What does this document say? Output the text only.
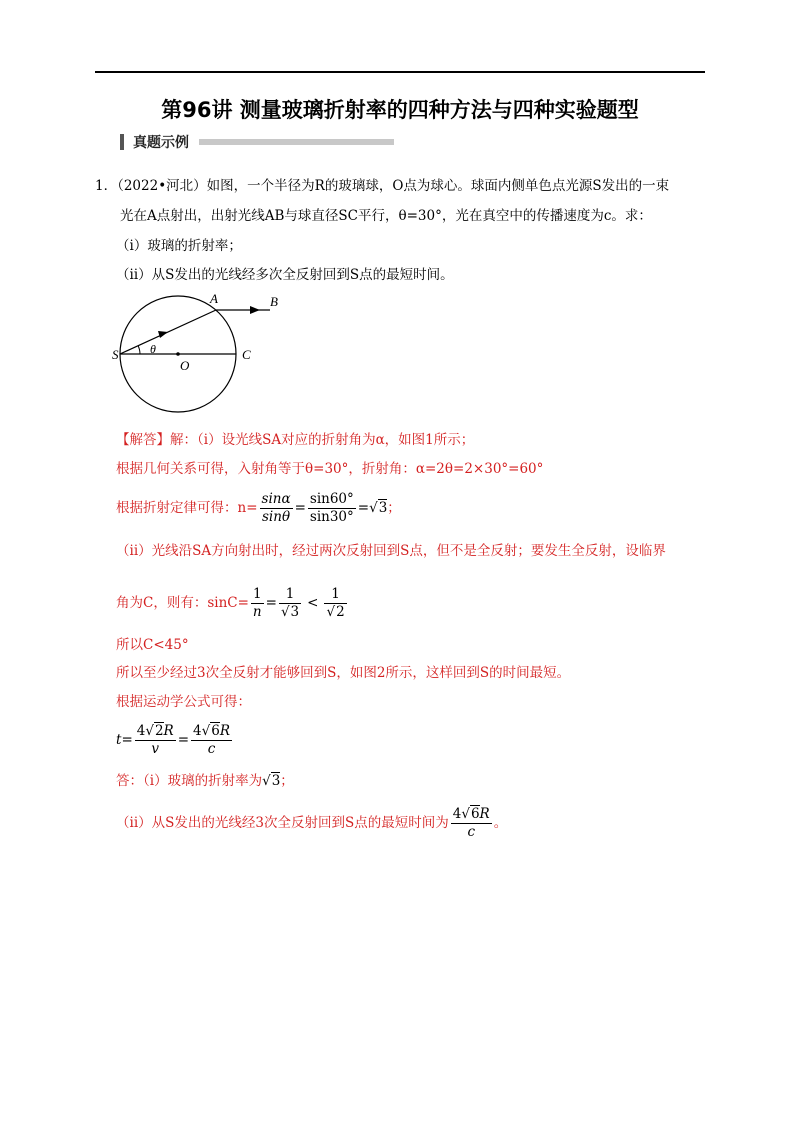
第96讲 测量玻璃折射率的四种方法与四种实验题型
真题示例
1．（2022•河北）如图，一个半径为R的玻璃球，O点为球心。球面内侧单色点光源S发出的一束
光在A点射出，出射光线AB与球直径SC平行，θ=30°，光在真空中的传播速度为c。求：
（ⅰ）玻璃的折射率；
（ⅱ）从S发出的光线经多次全反射回到S点的最短时间。
A	B
S	C
O
θ
【解答】解：（i）设光线SA对应的折射角为α，如图1所示；
根据几何关系可得，入射角等于θ=30°，折射角：α=2θ=2×30°=60°
根据折射定律可得：$n= \frac{\sin\alpha}{\sin\theta} = \frac{\sin 60^\circ}{\sin 30^\circ} =√3$；
（ii）光线沿SA方向射出时，经过两次反射回到S点，但不是全反射；要发生全反射，设临界
角为C，则有：$\sin C= \frac{1}{n} = \frac{1}{√3} < \frac{1}{√2}$
所以C<45°
所以至少经过3次全反射才能够回到S，如图2所示，这样回到S的时间最短。
根据运动学公式可得：
$t= \frac{4√2R}{v} = \frac{4√6R}{c}$
答：（i）玻璃的折射率为√3；
（ii）从S发出的光线经3次全反射回到S点的最短时间为 $\frac{4√6R}{c}$ 。
